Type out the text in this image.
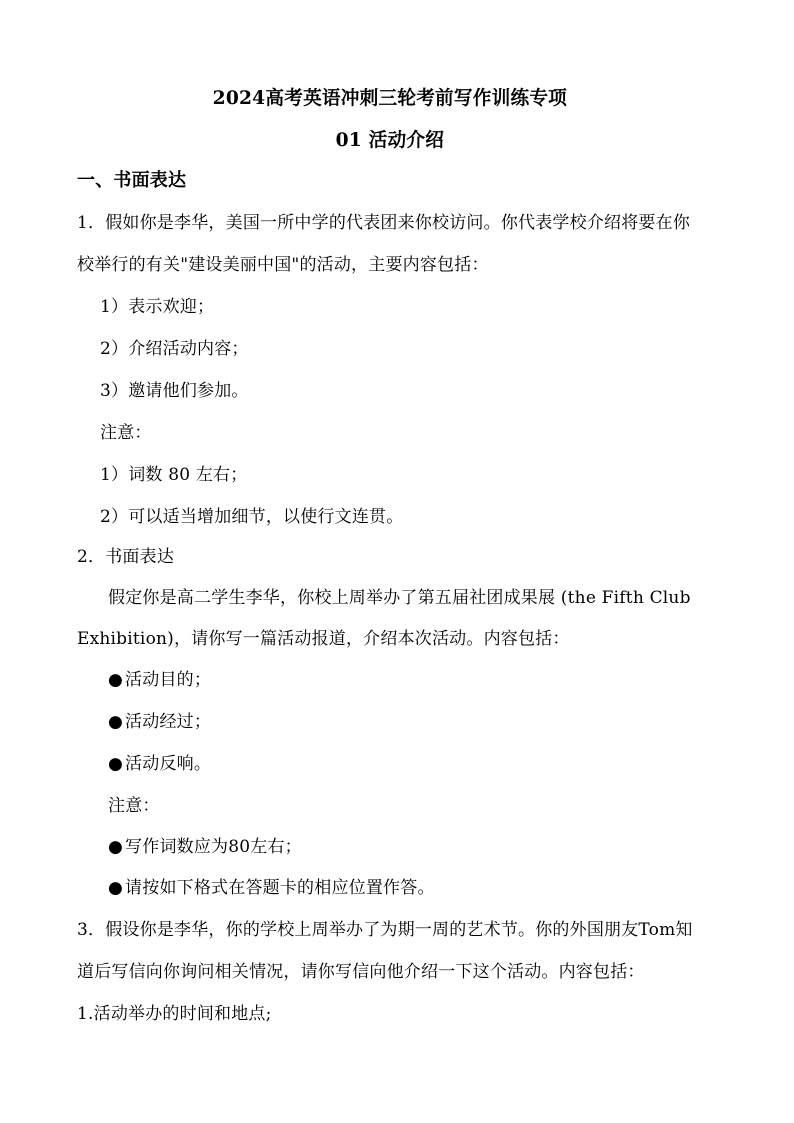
2024高考英语冲刺三轮考前写作训练专项
01 活动介绍
一、书面表达
1．假如你是李华，美国一所中学的代表团来你校访问。你代表学校介绍将要在你
校举行的有关"建设美丽中国"的活动，主要内容包括：
1）表示欢迎；
2）介绍活动内容；
3）邀请他们参加。
注意：
1）词数 80 左右；
2）可以适当增加细节，以使行文连贯。
2．书面表达
假定你是高二学生李华，你校上周举办了第五届社团成果展 (the Fifth Club
Exhibition)，请你写一篇活动报道，介绍本次活动。内容包括：
● 活动目的；
● 活动经过；
● 活动反响。
注意：
● 写作词数应为80左右；
● 请按如下格式在答题卡的相应位置作答。
3．假设你是李华，你的学校上周举办了为期一周的艺术节。你的外国朋友Tom知
道后写信向你询问相关情况，请你写信向他介绍一下这个活动。内容包括：
1.活动举办的时间和地点;
